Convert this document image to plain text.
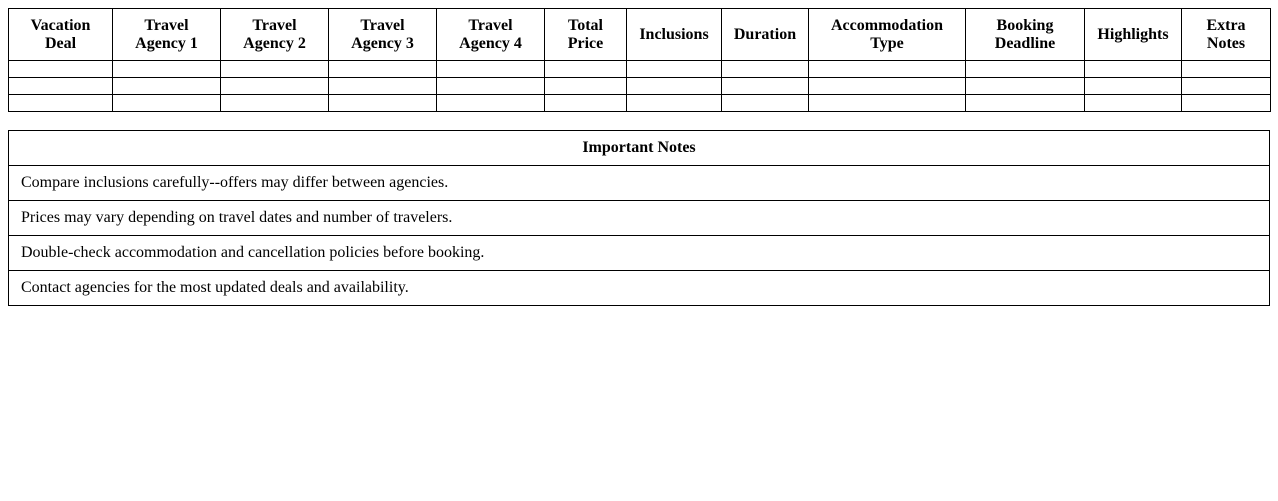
Vacation Deal	Travel Agency 1	Travel Agency 2	Travel Agency 3	Travel Agency 4	Total Price	Inclusions	Duration	Accommodation Type	Booking Deadline	Highlights	Extra Notes

Important Notes
Compare inclusions carefully--offers may differ between agencies.
Prices may vary depending on travel dates and number of travelers.
Double-check accommodation and cancellation policies before booking.
Contact agencies for the most updated deals and availability.
